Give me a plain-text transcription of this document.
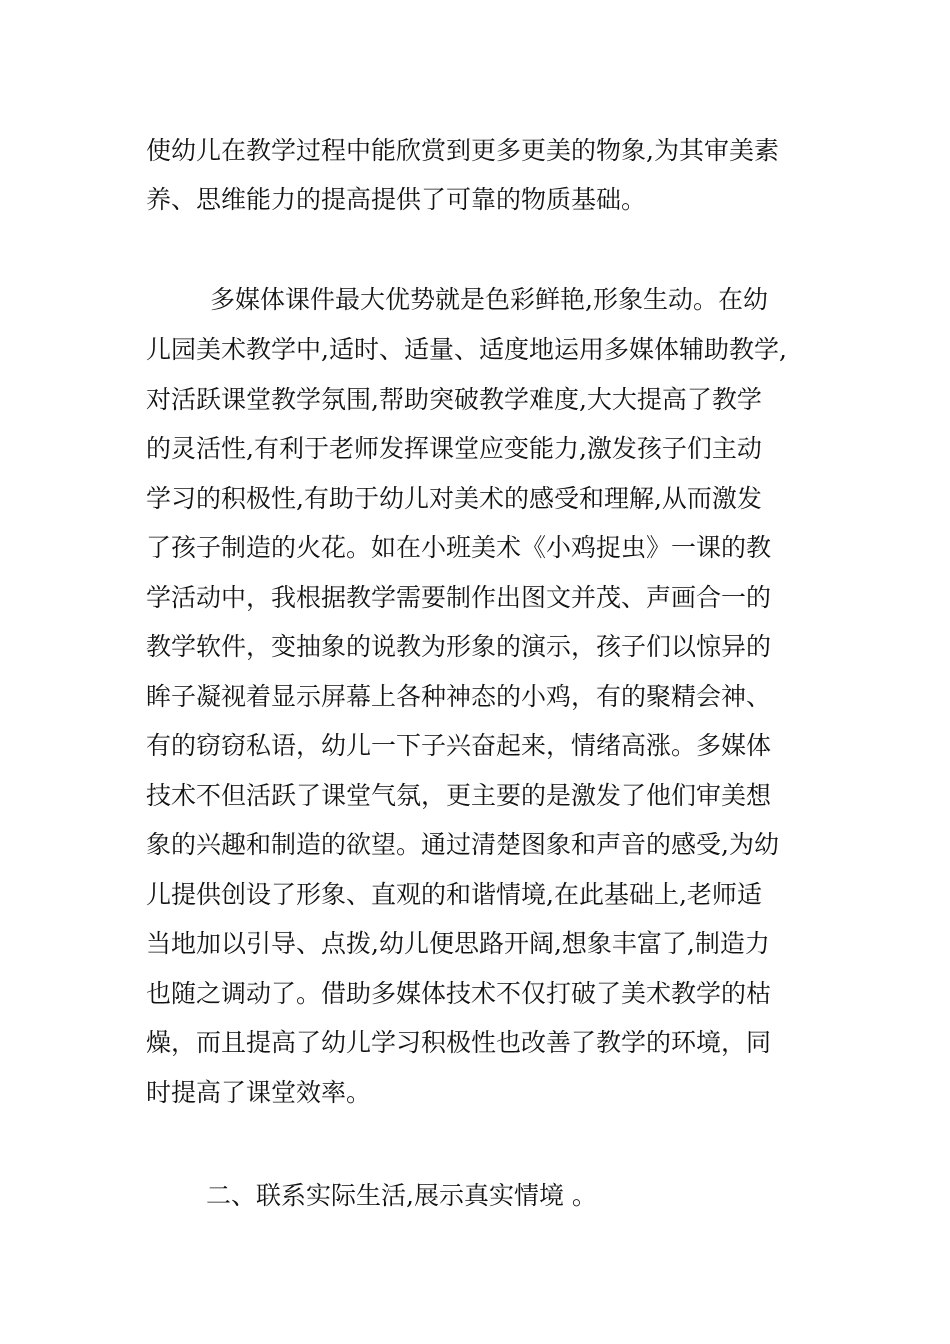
使幼儿在教学过程中能欣赏到更多更美的物象,为其审美素
养、思维能力的提高提供了可靠的物质基础。
多媒体课件最大优势就是色彩鲜艳,形象生动。在幼
儿园美术教学中,适时、适量、适度地运用多媒体辅助教学,
对活跃课堂教学氛围,帮助突破教学难度,大大提高了教学
的灵活性,有利于老师发挥课堂应变能力,激发孩子们主动
学习的积极性,有助于幼儿对美术的感受和理解,从而激发
了孩子制造的火花。如在小班美术《小鸡捉虫》一课的教
学活动中，我根据教学需要制作出图文并茂、声画合一的
教学软件，变抽象的说教为形象的演示，孩子们以惊异的
眸子凝视着显示屏幕上各种神态的小鸡，有的聚精会神、
有的窃窃私语，幼儿一下子兴奋起来，情绪高涨。多媒体
技术不但活跃了课堂气氛，更主要的是激发了他们审美想
象的兴趣和制造的欲望。通过清楚图象和声音的感受,为幼
儿提供创设了形象、直观的和谐情境,在此基础上,老师适
当地加以引导、点拨,幼儿便思路开阔,想象丰富了,制造力
也随之调动了。借助多媒体技术不仅打破了美术教学的枯
燥，而且提高了幼儿学习积极性也改善了教学的环境，同
时提高了课堂效率。
二、联系实际生活,展示真实情境 。
